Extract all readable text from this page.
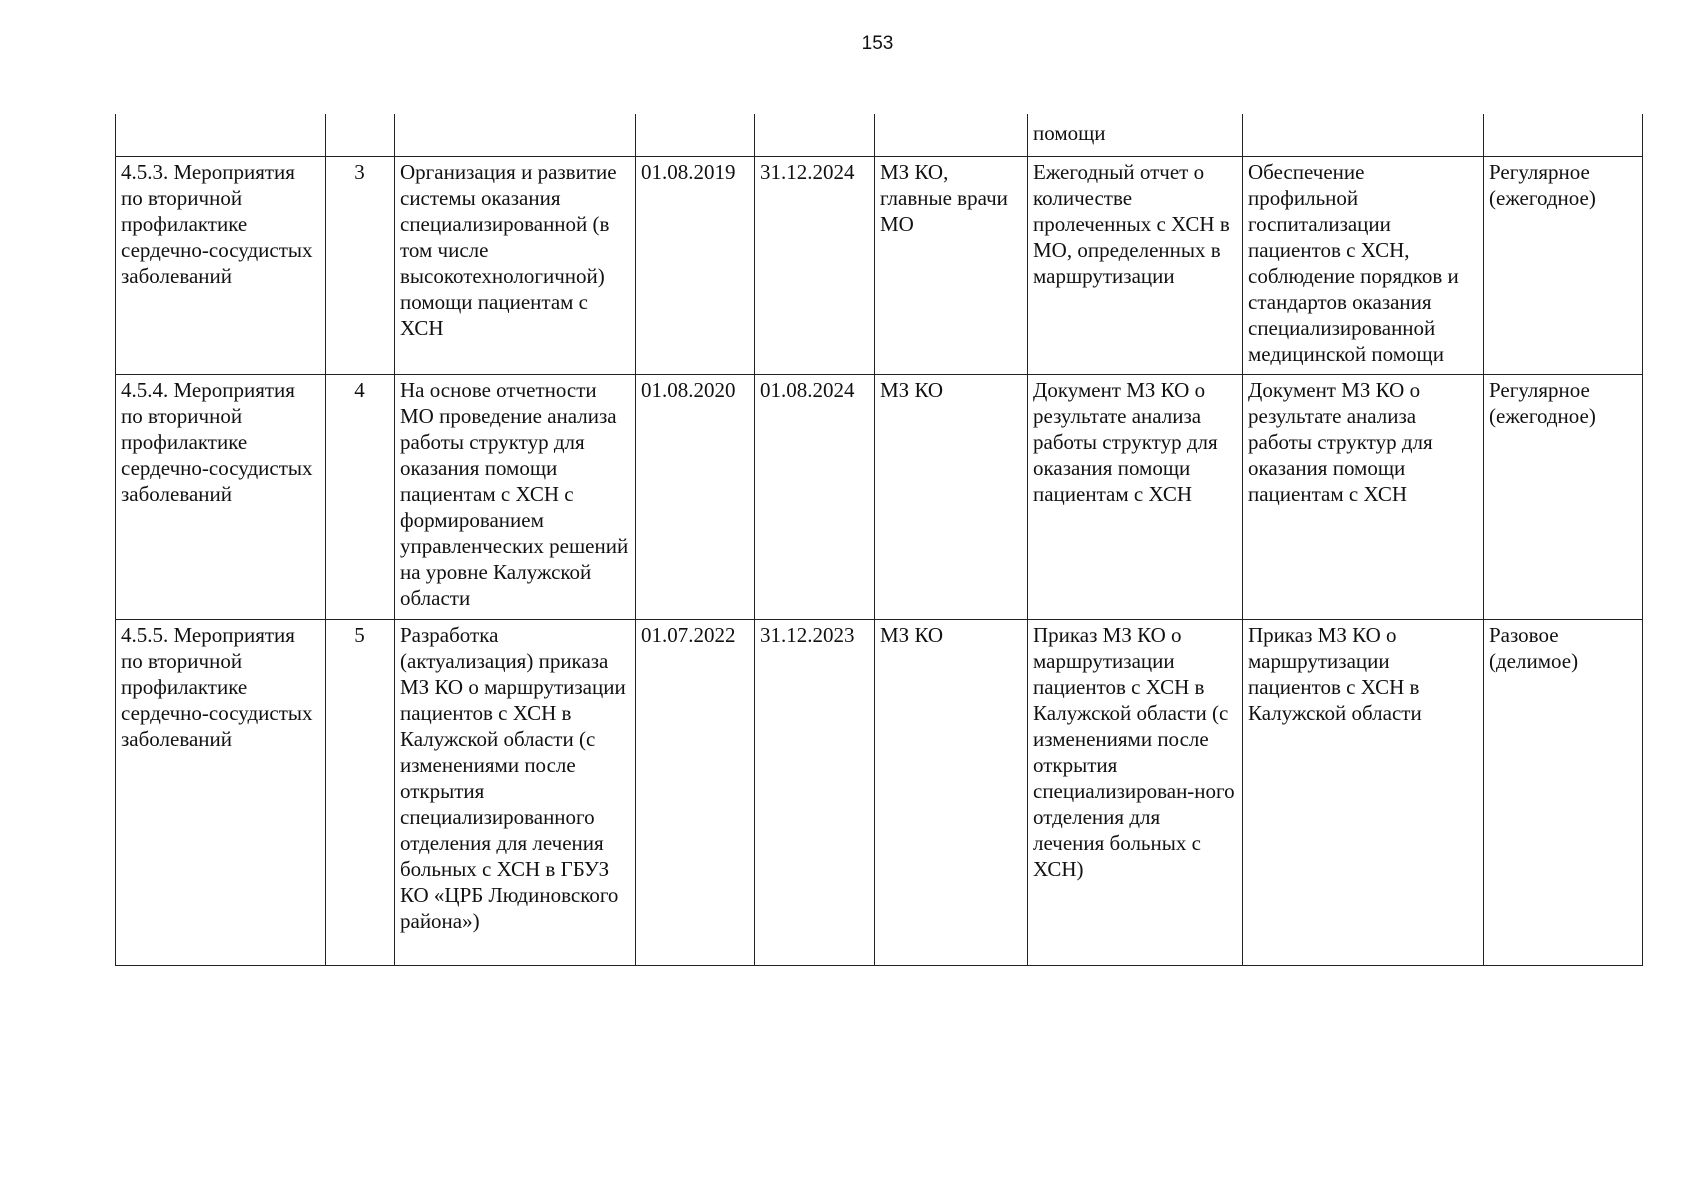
153
						помощи		
4.5.3. Мероприятия по вторичной профилактике сердечно-сосудистых заболеваний	3	Организация и развитие системы оказания специализированной (в том числе высокотехнологичной) помощи пациентам с ХСН	01.08.2019	31.12.2024	МЗ КО, главные врачи МО	Ежегодный отчет о количестве пролеченных с ХСН в МО, определенных в маршрутизации	Обеспечение профильной госпитализации пациентов с ХСН, соблюдение порядков и стандартов оказания специализированной медицинской помощи	Регулярное (ежегодное)
4.5.4. Мероприятия по вторичной профилактике сердечно-сосудистых заболеваний	4	На основе отчетности МО проведение анализа работы структур для оказания помощи пациентам с ХСН с формированием управленческих решений на уровне Калужской области	01.08.2020	01.08.2024	МЗ КО	Документ МЗ КО о результате анализа работы структур для оказания помощи пациентам с ХСН	Документ МЗ КО о результате анализа работы структур для оказания помощи пациентам с ХСН	Регулярное (ежегодное)
4.5.5. Мероприятия по вторичной профилактике сердечно-сосудистых заболеваний	5	Разработка (актуализация) приказа МЗ КО о маршрутизации пациентов с ХСН в Калужской области (с изменениями после открытия специализированного отделения для лечения больных с ХСН в ГБУЗ КО «ЦРБ Людиновского района»)	01.07.2022	31.12.2023	МЗ КО	Приказ МЗ КО о маршрутизации пациентов с ХСН в Калужской области (с изменениями после открытия специализирован-ного отделения для лечения больных с ХСН)	Приказ МЗ КО о маршрутизации пациентов с ХСН в Калужской области	Разовое (делимое)
